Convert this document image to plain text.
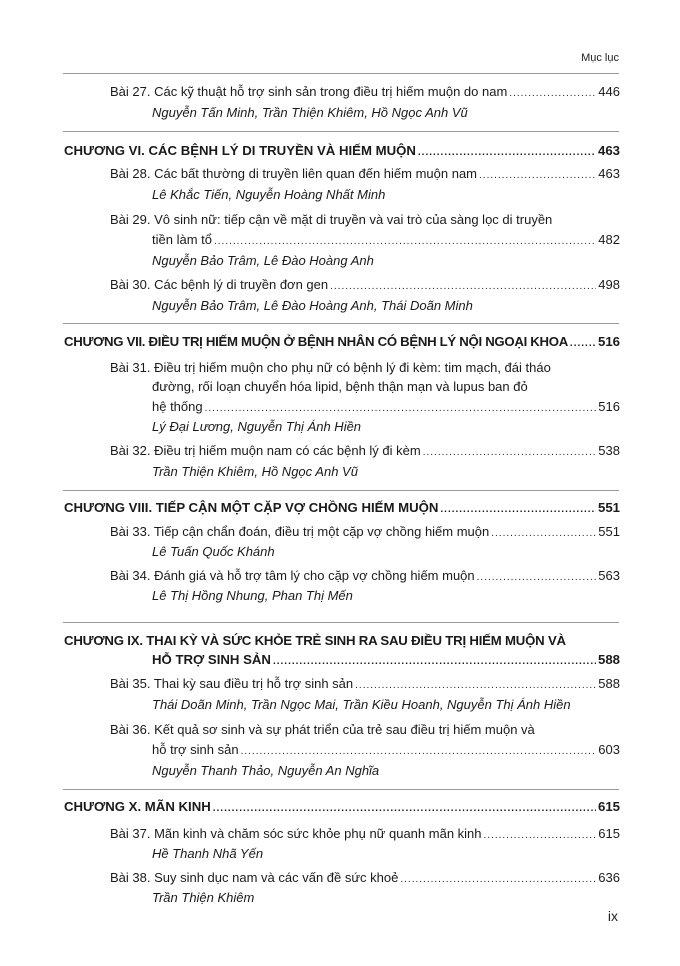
Mục lục
Bài 27. Các kỹ thuật hỗ trợ sinh sản trong điều trị hiếm muộn do nam .....	446
Nguyễn Tấn Minh, Trần Thiện Khiêm, Hồ Ngọc Anh Vũ
CHƯƠNG VI. CÁC BỆNH LÝ DI TRUYỀN VÀ HIẾM MUỘN .....	463
Bài 28. Các bất thường di truyền liên quan đến hiếm muộn nam .....	463
Lê Khắc Tiến, Nguyễn Hoàng Nhất Minh
Bài 29. Vô sinh nữ: tiếp cận về mặt di truyền và vai trò của sàng lọc di truyền
tiền làm tổ .....	482
Nguyễn Bảo Trâm, Lê Đào Hoàng Anh
Bài 30. Các bệnh lý di truyền đơn gen .....	498
Nguyễn Bảo Trâm, Lê Đào Hoàng Anh, Thái Doãn Minh
CHƯƠNG VII. ĐIỀU TRỊ HIẾM MUỘN Ở BỆNH NHÂN CÓ BỆNH LÝ NỘI NGOẠI KHOA ..... 516
Bài 31. Điều trị hiếm muộn cho phụ nữ có bệnh lý đi kèm: tim mạch, đái tháo
đường, rối loạn chuyển hóa lipid, bệnh thận mạn và lupus ban đỏ
hệ thống .....	516
Lý Đại Lương, Nguyễn Thị Ánh Hiền
Bài 32. Điều trị hiếm muộn nam có các bệnh lý đi kèm .....	538
Trần Thiện Khiêm, Hồ Ngọc Anh Vũ
CHƯƠNG VIII. TIẾP CẬN MỘT CẶP VỢ CHỒNG HIẾM MUỘN .....	551
Bài 33. Tiếp cận chẩn đoán, điều trị một cặp vợ chồng hiếm muộn .....	551
Lê Tuấn Quốc Khánh
Bài 34. Đánh giá và hỗ trợ tâm lý cho cặp vợ chồng hiếm muộn .....	563
Lê Thị Hồng Nhung, Phan Thị Mến
CHƯƠNG IX. THAI KỲ VÀ SỨC KHỎE TRẺ SINH RA SAU ĐIỀU TRỊ HIẾM MUỘN VÀ
HỖ TRỢ SINH SẢN .....	588
Bài 35. Thai kỳ sau điều trị hỗ trợ sinh sản .....	588
Thái Doãn Minh, Trần Ngọc Mai, Trần Kiều Hoanh, Nguyễn Thị Ánh Hiền
Bài 36. Kết quả sơ sinh và sự phát triển của trẻ sau điều trị hiếm muộn và
hỗ trợ sinh sản .....	603
Nguyễn Thanh Thảo, Nguyễn An Nghĩa
CHƯƠNG X. MÃN KINH .....	615
Bài 37. Mãn kinh và chăm sóc sức khỏe phụ nữ quanh mãn kinh .....	615
Hề Thanh Nhã Yến
Bài 38. Suy sinh dục nam và các vấn đề sức khoẻ .....	636
Trần Thiện Khiêm
ix
